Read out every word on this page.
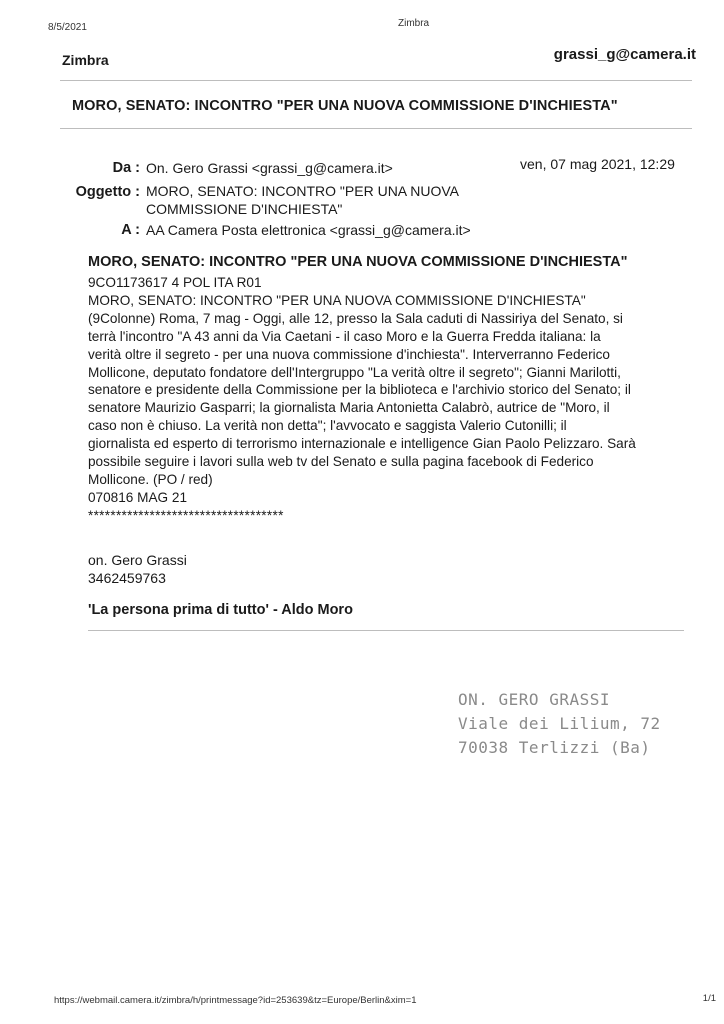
8/5/2021	Zimbra
Zimbra	grassi_g@camera.it
MORO, SENATO: INCONTRO "PER UNA NUOVA COMMISSIONE D'INCHIESTA"
Da : On. Gero Grassi <grassi_g@camera.it>	ven, 07 mag 2021, 12:29
Oggetto : MORO, SENATO: INCONTRO "PER UNA NUOVA
COMMISSIONE D'INCHIESTA"
A : AA Camera Posta elettronica <grassi_g@camera.it>
MORO, SENATO: INCONTRO "PER UNA NUOVA COMMISSIONE D'INCHIESTA"
9CO1173617 4 POL ITA R01
MORO, SENATO: INCONTRO "PER UNA NUOVA COMMISSIONE D'INCHIESTA"
(9Colonne) Roma, 7 mag - Oggi, alle 12, presso la Sala caduti di Nassiriya del Senato, si
terrà l'incontro "A 43 anni da Via Caetani - il caso Moro e la Guerra Fredda italiana: la
verità oltre il segreto - per una nuova commissione d'inchiesta". Interverranno Federico
Mollicone, deputato fondatore dell'Intergruppo "La verità oltre il segreto"; Gianni Marilotti,
senatore e presidente della Commissione per la biblioteca e l'archivio storico del Senato; il
senatore Maurizio Gasparri; la giornalista Maria Antonietta Calabrò, autrice de "Moro, il
caso non è chiuso. La verità non detta"; l'avvocato e saggista Valerio Cutonilli; il
giornalista ed esperto di terrorismo internazionale e intelligence Gian Paolo Pelizzaro. Sarà
possibile seguire i lavori sulla web tv del Senato e sulla pagina facebook di Federico
Mollicone. (PO / red)
070816 MAG 21
***********************************
on. Gero Grassi
3462459763
'La persona prima di tutto' - Aldo Moro
ON. GERO GRASSI
Viale dei Lilium, 72
70038 Terlizzi (Ba)
https://webmail.camera.it/zimbra/h/printmessage?id=253639&tz=Europe/Berlin&xim=1	1/1
